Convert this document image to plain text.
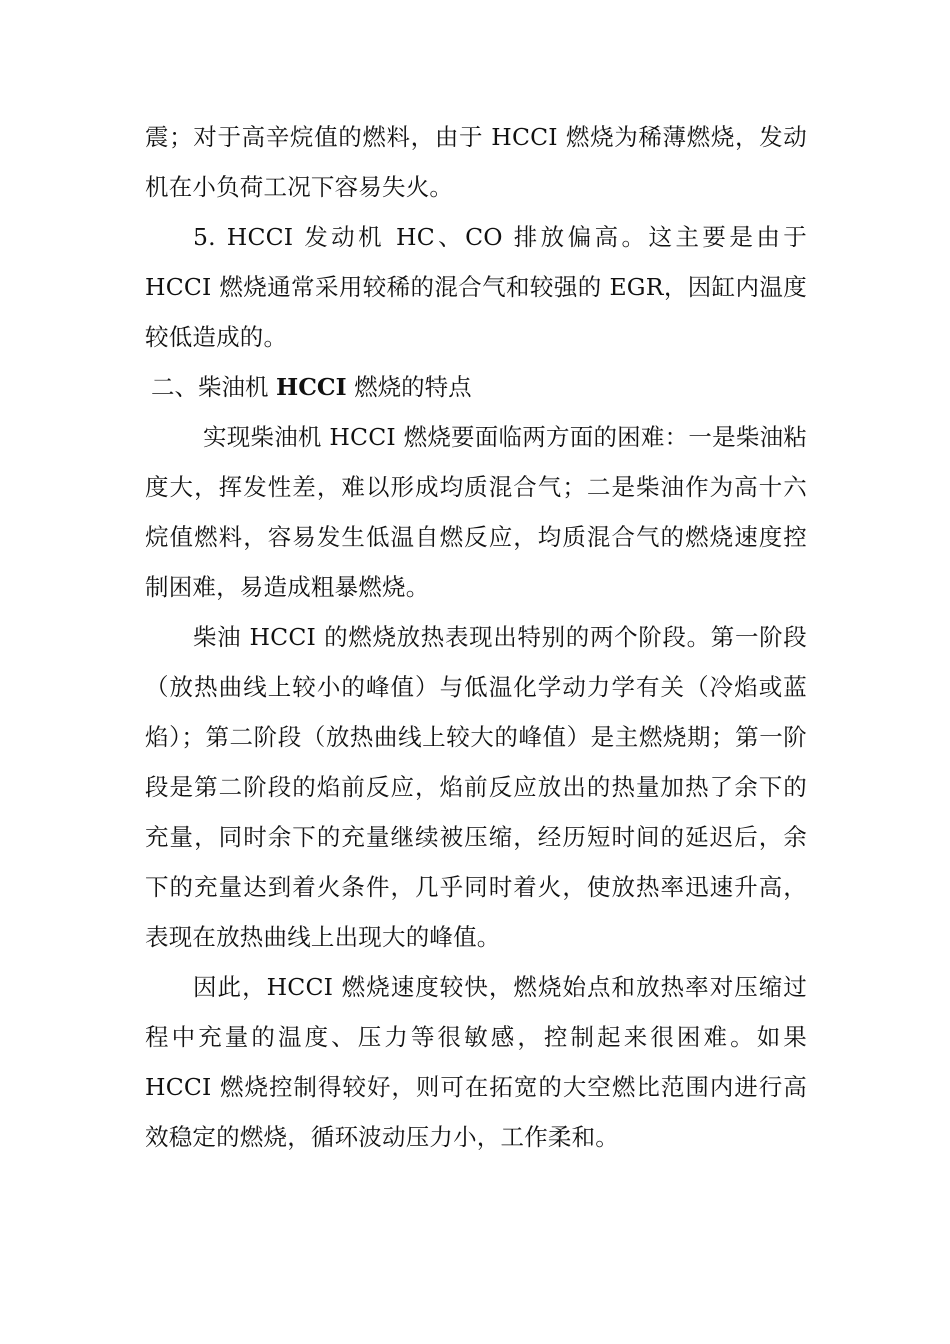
震；对于高辛烷值的燃料，由于 HCCI 燃烧为稀薄燃烧，发动机在小负荷工况下容易失火。

5. HCCI 发动机 HC、CO 排放偏高。这主要是由于 HCCI 燃烧通常采用较稀的混合气和较强的 EGR，因缸内温度较低造成的。

二、柴油机 HCCI 燃烧的特点

实现柴油机 HCCI 燃烧要面临两方面的困难：一是柴油粘度大，挥发性差，难以形成均质混合气；二是柴油作为高十六烷值燃料，容易发生低温自燃反应，均质混合气的燃烧速度控制困难，易造成粗暴燃烧。

柴油 HCCI 的燃烧放热表现出特别的两个阶段。第一阶段（放热曲线上较小的峰值）与低温化学动力学有关（冷焰或蓝焰）；第二阶段（放热曲线上较大的峰值）是主燃烧期；第一阶段是第二阶段的焰前反应，焰前反应放出的热量加热了余下的充量，同时余下的充量继续被压缩，经历短时间的延迟后，余下的充量达到着火条件，几乎同时着火，使放热率迅速升高，表现在放热曲线上出现大的峰值。

因此，HCCI 燃烧速度较快，燃烧始点和放热率对压缩过程中充量的温度、压力等很敏感，控制起来很困难。如果 HCCI 燃烧控制得较好，则可在拓宽的大空燃比范围内进行高效稳定的燃烧，循环波动压力小，工作柔和。
